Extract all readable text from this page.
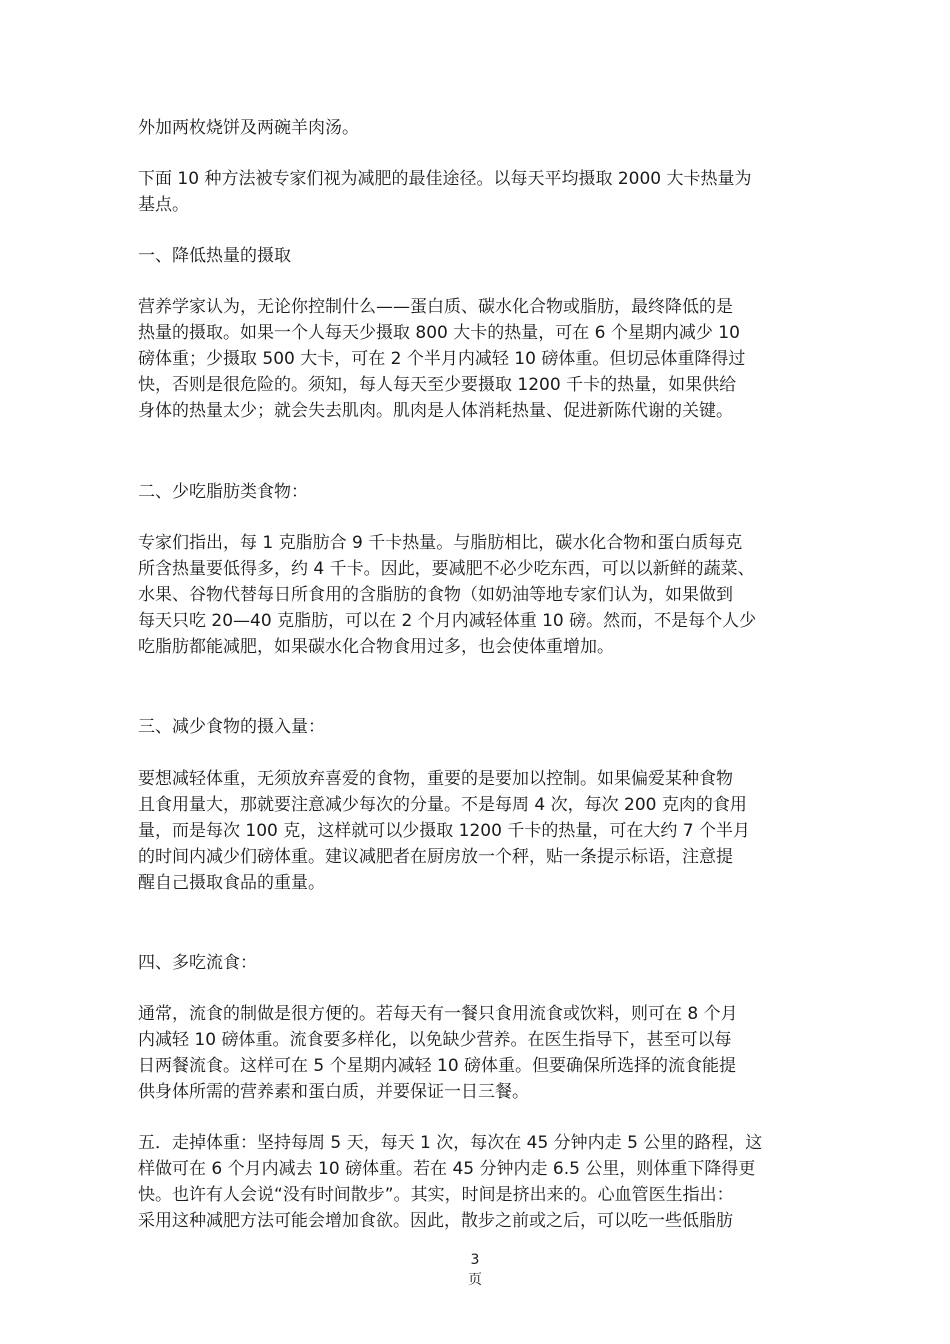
外加两枚烧饼及两碗羊肉汤。

下面 10 种方法被专家们视为减肥的最佳途径。以每天平均摄取 2000 大卡热量为
基点。

一、降低热量的摄取

营养学家认为，无论你控制什么——蛋白质、碳水化合物或脂肪，最终降低的是
热量的摄取。如果一个人每天少摄取 800 大卡的热量，可在 6 个星期内减少 10
磅体重；少摄取 500 大卡，可在 2 个半月内减轻 10 磅体重。但切忌体重降得过
快，否则是很危险的。须知，每人每天至少要摄取 1200 千卡的热量，如果供给
身体的热量太少；就会失去肌肉。肌肉是人体消耗热量、促进新陈代谢的关键。

二、少吃脂肪类食物：

专家们指出，每 1 克脂肪合 9 千卡热量。与脂肪相比，碳水化合物和蛋白质每克
所含热量要低得多，约 4 千卡。因此，要减肥不必少吃东西，可以以新鲜的蔬菜、
水果、谷物代替每日所食用的含脂肪的食物（如奶油等地专家们认为，如果做到
每天只吃 20—40 克脂肪，可以在 2 个月内减轻体重 10 磅。然而，不是每个人少
吃脂肪都能减肥，如果碳水化合物食用过多，也会使体重增加。

三、减少食物的摄入量：

要想减轻体重，无须放弃喜爱的食物，重要的是要加以控制。如果偏爱某种食物
且食用量大，那就要注意减少每次的分量。不是每周 4 次，每次 200 克肉的食用
量，而是每次 100 克，这样就可以少摄取 1200 千卡的热量，可在大约 7 个半月
的时间内减少们磅体重。建议减肥者在厨房放一个秤，贴一条提示标语，注意提
醒自己摄取食品的重量。

四、多吃流食：

通常，流食的制做是很方便的。若每天有一餐只食用流食或饮料，则可在 8 个月
内减轻 10 磅体重。流食要多样化，以免缺少营养。在医生指导下，甚至可以每
日两餐流食。这样可在 5 个星期内减轻 10 磅体重。但要确保所选择的流食能提
供身体所需的营养素和蛋白质，并要保证一日三餐。

五．走掉体重：坚持每周 5 天，每天 1 次，每次在 45 分钟内走 5 公里的路程，这
样做可在 6 个月内减去 10 磅体重。若在 45 分钟内走 6.5 公里，则体重下降得更
快。也许有人会说“没有时间散步”。其实，时间是挤出来的。心血管医生指出：
采用这种减肥方法可能会增加食欲。因此，散步之前或之后，可以吃一些低脂肪

3
页
